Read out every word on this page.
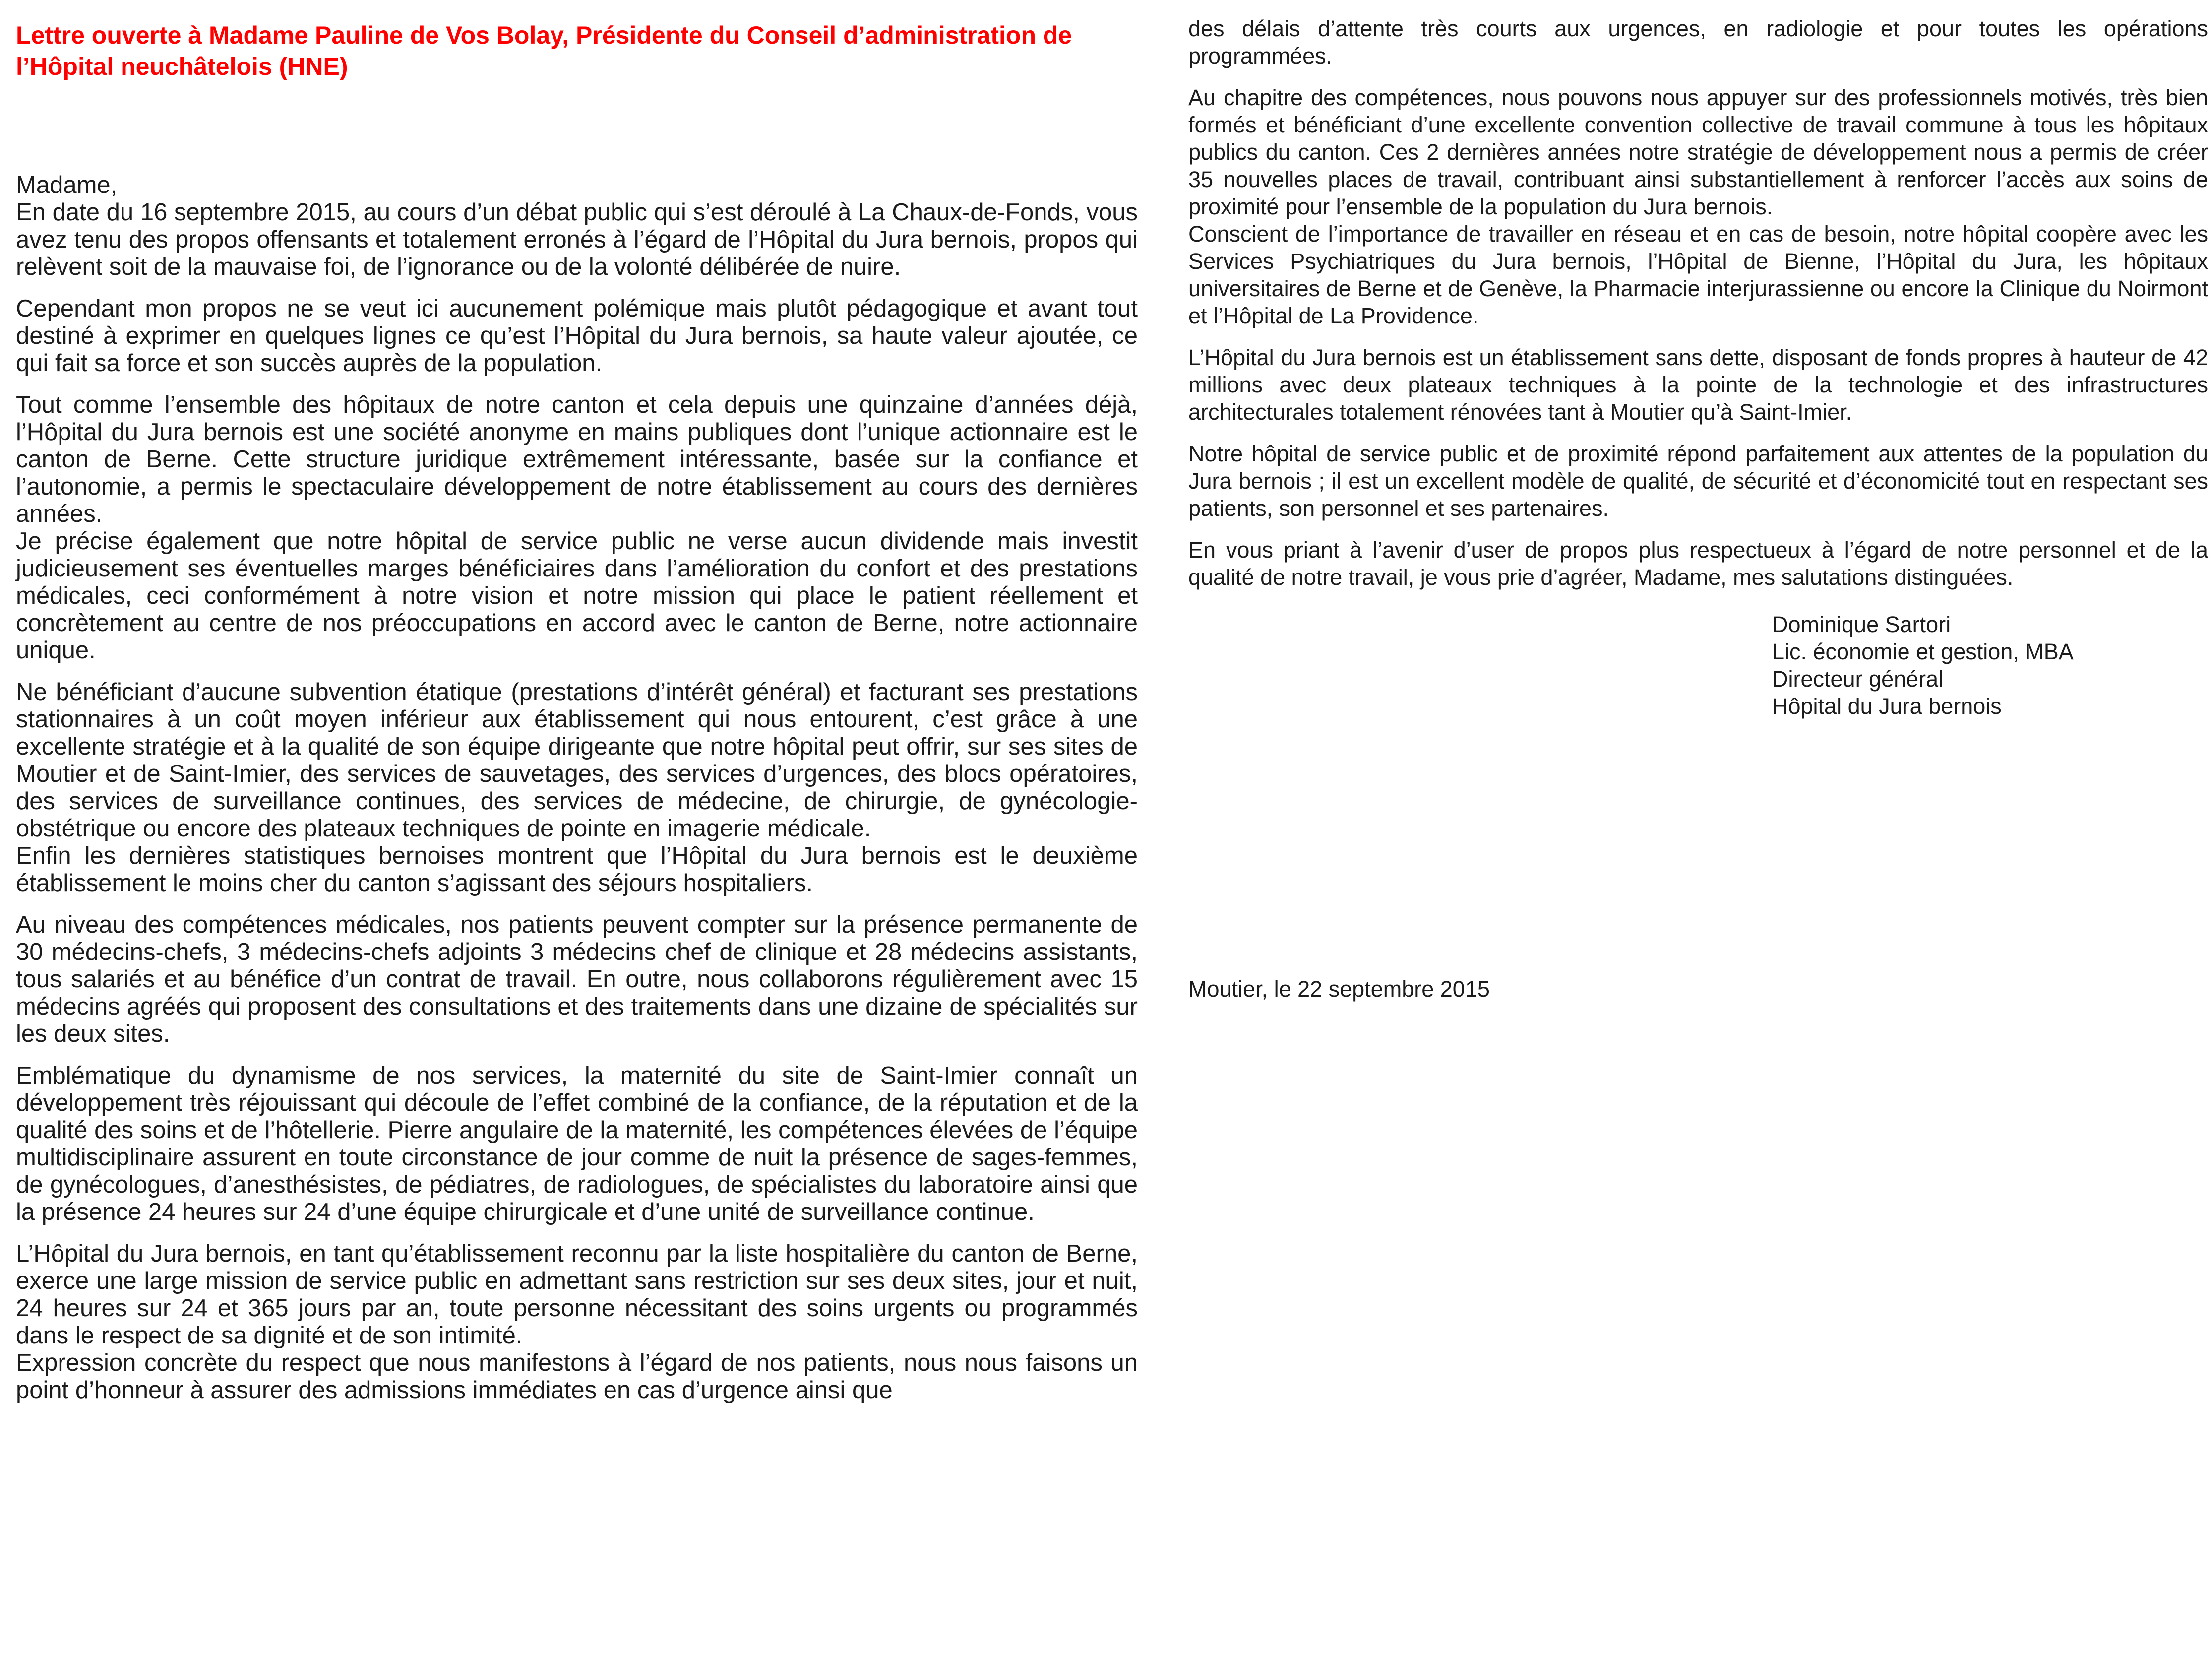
Lettre ouverte à Madame Pauline de Vos Bolay, Présidente du Conseil d’administration de l’Hôpital neuchâtelois (HNE)

Madame,

En date du 16 septembre 2015, au cours d’un débat public qui s’est déroulé à La Chaux-de-Fonds, vous avez tenu des propos offensants et totalement erronés à l’égard de l’Hôpital du Jura bernois, propos qui relèvent soit de la mauvaise foi, de l’ignorance ou de la volonté délibérée de nuire.

Cependant mon propos ne se veut ici aucunement polémique mais plutôt pédagogique et avant tout destiné à exprimer en quelques lignes ce qu’est l’Hôpital du Jura bernois, sa haute valeur ajoutée, ce qui fait sa force et son succès auprès de la population.

Tout comme l’ensemble des hôpitaux de notre canton et cela depuis une quinzaine d’années déjà, l’Hôpital du Jura bernois est une société anonyme en mains publiques dont l’unique actionnaire est le canton de Berne. Cette structure juridique extrêmement intéressante, basée sur la confiance et l’autonomie, a permis le spectaculaire développement de notre établissement au cours des dernières années.

Je précise également que notre hôpital de service public ne verse aucun dividende mais investit judicieusement ses éventuelles marges bénéficiaires dans l’amélioration du confort et des prestations médicales, ceci conformément à notre vision et notre mission qui place le patient réellement et concrètement au centre de nos préoccupations en accord avec le canton de Berne, notre actionnaire unique.

Ne bénéficiant d’aucune subvention étatique (prestations d’intérêt général) et facturant ses prestations stationnaires à un coût moyen inférieur aux établissement qui nous entourent, c’est grâce à une excellente stratégie et à la qualité de son équipe dirigeante que notre hôpital peut offrir, sur ses sites de Moutier et de Saint-Imier, des services de sauvetages, des services d’urgences, des blocs opératoires, des services de surveillance continues, des services de médecine, de chirurgie, de gynécologie-obstétrique ou encore des plateaux techniques de pointe en imagerie médicale.

Enfin les dernières statistiques bernoises montrent que l’Hôpital du Jura bernois est le deuxième établissement le moins cher du canton s’agissant des séjours hospitaliers.

Au niveau des compétences médicales, nos patients peuvent compter sur la présence permanente de 30 médecins-chefs, 3 médecins-chefs adjoints 3 médecins chef de clinique et 28 médecins assistants, tous salariés et au bénéfice d’un contrat de travail. En outre, nous collaborons régulièrement avec 15 médecins agréés qui proposent des consultations et des traitements dans une dizaine de spécialités sur les deux sites.

Emblématique du dynamisme de nos services, la maternité du site de Saint-Imier connaît un développement très réjouissant qui découle de l’effet combiné de la confiance, de la réputation et de la qualité des soins et de l’hôtellerie. Pierre angulaire de la maternité, les compétences élevées de l’équipe multidisciplinaire assurent en toute circonstance de jour comme de nuit la présence de sages-femmes, de gynécologues, d’anesthésistes, de pédiatres, de radiologues, de spécialistes du laboratoire ainsi que la présence 24 heures sur 24 d’une équipe chirurgicale et d’une unité de surveillance continue.

L’Hôpital du Jura bernois, en tant qu’établissement reconnu par la liste hospitalière du canton de Berne, exerce une large mission de service public en admettant sans restriction sur ses deux sites, jour et nuit, 24 heures sur 24 et 365 jours par an, toute personne nécessitant des soins urgents ou programmés dans le respect de sa dignité et de son intimité.

Expression concrète du respect que nous manifestons à l’égard de nos patients, nous nous faisons un point d’honneur à assurer des admissions immédiates en cas d’urgence ainsi que

des délais d’attente très courts aux urgences, en radiologie et pour toutes les opérations programmées.

Au chapitre des compétences, nous pouvons nous appuyer sur des professionnels motivés, très bien formés et bénéficiant d’une excellente convention collective de travail commune à tous les hôpitaux publics du canton. Ces 2 dernières années notre stratégie de développement nous a permis de créer 35 nouvelles places de travail, contribuant ainsi substantiellement à renforcer l’accès aux soins de proximité pour l’ensemble de la population du Jura bernois.

Conscient de l’importance de travailler en réseau et en cas de besoin, notre hôpital coopère avec les Services Psychiatriques du Jura bernois, l’Hôpital de Bienne, l’Hôpital du Jura, les hôpitaux universitaires de Berne et de Genève, la Pharmacie interjurassienne ou encore la Clinique du Noirmont et l’Hôpital de La Providence.

L’Hôpital du Jura bernois est un établissement sans dette, disposant de fonds propres à hauteur de 42 millions avec deux plateaux techniques à la pointe de la technologie et des infrastructures architecturales totalement rénovées tant à Moutier qu’à Saint-Imier.

Notre hôpital de service public et de proximité répond parfaitement aux attentes de la population du Jura bernois ; il est un excellent modèle de qualité, de sécurité et d’économicité tout en respectant ses patients, son personnel et ses partenaires.

En vous priant à l’avenir d’user de propos plus respectueux à l’égard de notre personnel et de la qualité de notre travail, je vous prie d’agréer, Madame, mes salutations distinguées.

Dominique Sartori

Lic. économie et gestion, MBA

Directeur général

Hôpital du Jura bernois

Moutier, le 22 septembre 2015
